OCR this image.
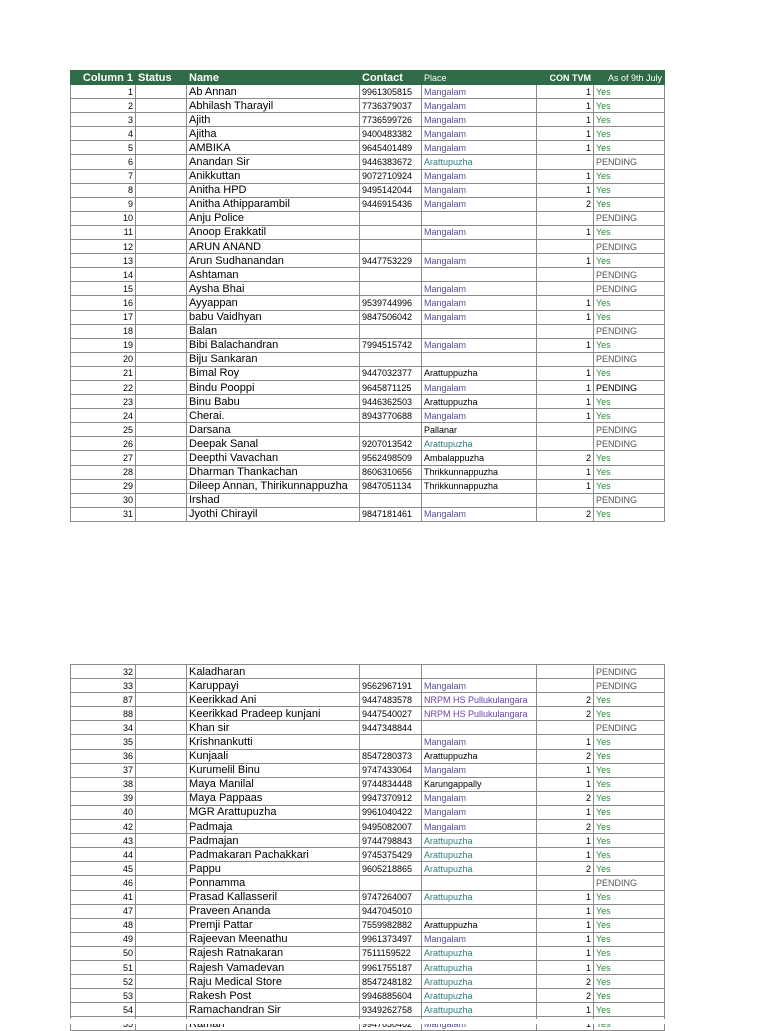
Column 1	Status	Name	Contact	Place	CON TVM	As of 9th July
1		Ab Annan	9961305815	Mangalam	1	Yes
2		Abhilash Tharayil	7736379037	Mangalam	1	Yes
3		Ajith	7736599726	Mangalam	1	Yes
4		Ajitha	9400483382	Mangalam	1	Yes
5		AMBIKA	9645401489	Mangalam	1	Yes
6		Anandan Sir	9446383672	Arattupuzha		PENDING
7		Anikkuttan	9072710924	Mangalam	1	Yes
8		Anitha HPD	9495142044	Mangalam	1	Yes
9		Anitha Athipparambil	9446915436	Mangalam	2	Yes
10		Anju Police				PENDING
11		Anoop Erakkatil		Mangalam	1	Yes
12		ARUN ANAND				PENDING
13		Arun Sudhanandan	9447753229	Mangalam	1	Yes
14		Ashtaman				PENDING
15		Aysha Bhai		Mangalam		PENDING
16		Ayyappan	9539744996	Mangalam	1	Yes
17		babu Vaidhyan	9847506042	Mangalam	1	Yes
18		Balan				PENDING
19		Bibi Balachandran	7994515742	Mangalam	1	Yes
20		Biju Sankaran				PENDING
21		Bimal Roy	9447032377	Arattuppuzha	1	Yes
22		Bindu Pooppi	9645871125	Mangalam	1	PENDING
23		Binu Babu	9446362503	Arattuppuzha	1	Yes
24		Cherai.	8943770688	Mangalam	1	Yes
25		Darsana		Pallanar		PENDING
26		Deepak Sanal	9207013542	Arattupuzha		PENDING
27		Deepthi Vavachan	9562498509	Ambalappuzha	2	Yes
28		Dharman Thankachan	8606310656	Thrikkunnappuzha	1	Yes
29		Dileep Annan, Thirikunnappuzha	9847051134	Thrikkunnappuzha	1	Yes
30		Irshad				PENDING
31		Jyothi Chirayil	9847181461	Mangalam	2	Yes
32		Kaladharan				PENDING
33		Karuppayi	9562967191	Mangalam		PENDING
87		Keerikkad Ani	9447483578	NRPM HS Pullukulangara	2	Yes
88		Keerikkad Pradeep kunjani	9447540027	NRPM HS Pullukulangara	2	Yes
34		Khan sir	9447348844			PENDING
35		Krishnankutti		Mangalam	1	Yes
36		Kunjaali	8547280373	Arattuppuzha	2	Yes
37		Kurumelil Binu	9747433064	Mangalam	1	Yes
38		Maya Manilal	9744834448	Karungappally	1	Yes
39		Maya Pappaas	9947370912	Mangalam	2	Yes
40		MGR Arattupuzha	9961040422	Mangalam	1	Yes
42		Padmaja	9495082007	Mangalam	2	Yes
43		Padmajan	9744798843	Arattupuzha	1	Yes
44		Padmakaran Pachakkari	9745375429	Arattupuzha	1	Yes
45		Pappu	9605218865	Arattupuzha	2	Yes
46		Ponnamma				PENDING
41		Prasad Kallasseril	9747264007	Arattupuzha	1	Yes
47		Praveen Ananda	9447045010		1	Yes
48		Premji Pattar	7559982882	Arattuppuzha	1	Yes
49		Rajeevan Meenathu	9961373497	Mangalam	1	Yes
50		Rajesh Ratnakaran	7511159522	Arattupuzha	1	Yes
51		Rajesh Vamadevan	9961755187	Arattupuzha	1	Yes
52		Raju Medical Store	8547248182	Arattupuzha	2	Yes
53		Rakesh Post	9946885604	Arattupuzha	2	Yes
54		Ramachandran Sir	9349262758	Arattupuzha	1	Yes
